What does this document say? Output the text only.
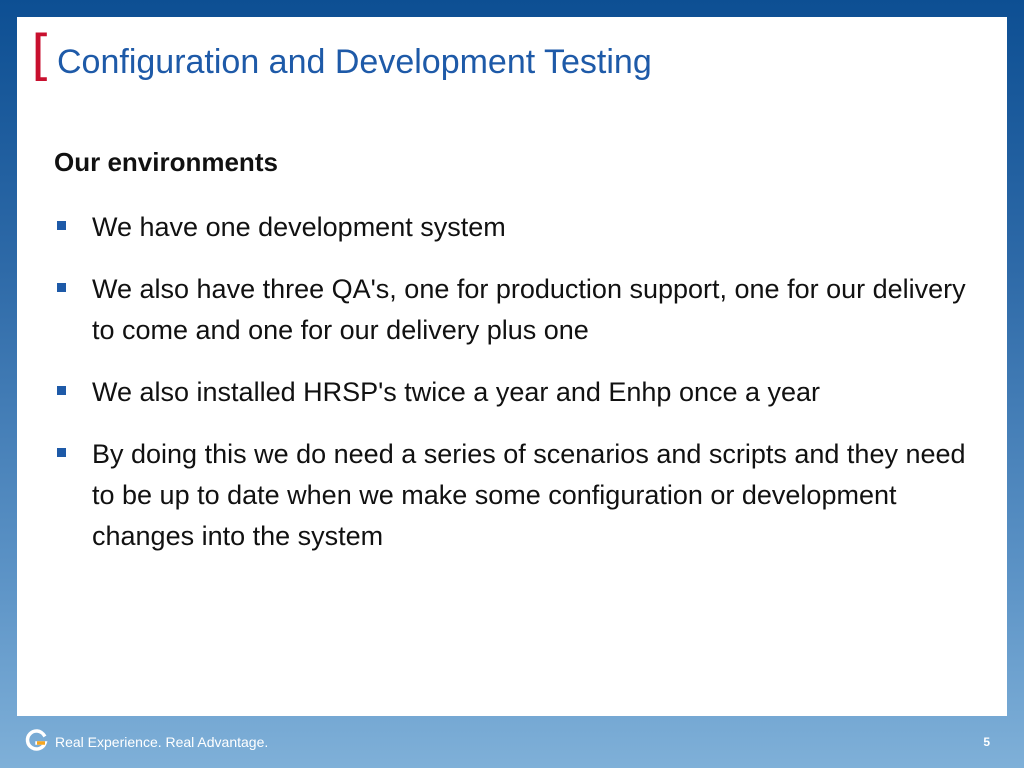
[ Configuration and Development Testing
Our environments
We have one development system
We also have three QA's, one for production support, one for our delivery to come and one for our delivery plus one
We also installed HRSP's twice a year and Enhp once a year
By doing this we do need a series of scenarios and scripts and they need to be up to date when we make some configuration or development changes into the system
Real Experience. Real Advantage.	5
